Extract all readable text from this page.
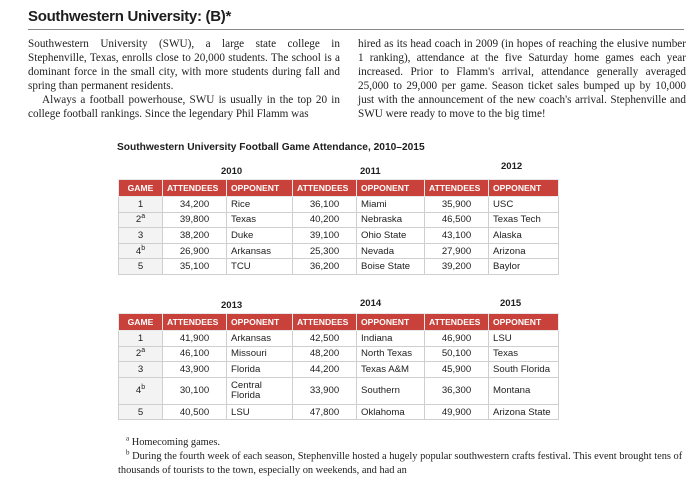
Southwestern University: (B)*

Southwestern University (SWU), a large state college in Stephenville, Texas, enrolls close to 20,000 students. The school is a dominant force in the small city, with more students during fall and spring than permanent residents.

Always a football powerhouse, SWU is usually in the top 20 in college football rankings. Since the legendary Phil Flamm was

hired as its head coach in 2009 (in hopes of reaching the elusive number 1 ranking), attendance at the five Saturday home games each year increased. Prior to Flamm's arrival, attendance generally averaged 25,000 to 29,000 per game. Season ticket sales bumped up by 10,000 just with the announcement of the new coach's arrival. Stephenville and SWU were ready to move to the big time!

Southwestern University Football Game Attendance, 2010–2015
2010	2011	2012
GAME	ATTENDEES	OPPONENT	ATTENDEES	OPPONENT	ATTENDEES	OPPONENT
1	34,200	Rice	36,100	Miami	35,900	USC
2$^a$	39,800	Texas	40,200	Nebraska	46,500	Texas Tech
3	38,200	Duke	39,100	Ohio State	43,100	Alaska
4$^b$	26,900	Arkansas	25,300	Nevada	27,900	Arizona
5	35,100	TCU	36,200	Boise State	39,200	Baylor
2013	2014	2015
GAME	ATTENDEES	OPPONENT	ATTENDEES	OPPONENT	ATTENDEES	OPPONENT
1	41,900	Arkansas	42,500	Indiana	46,900	LSU
2$^a$	46,100	Missouri	48,200	North Texas	50,100	Texas
3	43,900	Florida	44,200	Texas A&M	45,900	South Florida
4$^b$	30,100	Central Florida	33,900	Southern	36,300	Montana
5	40,500	LSU	47,800	Oklahoma	49,900	Arizona State

$^a$ Homecoming games.

$^b$ During the fourth week of each season, Stephenville hosted a hugely popular southwestern crafts festival. This event brought tens of thousands of tourists to the town, especially on weekends, and had an
